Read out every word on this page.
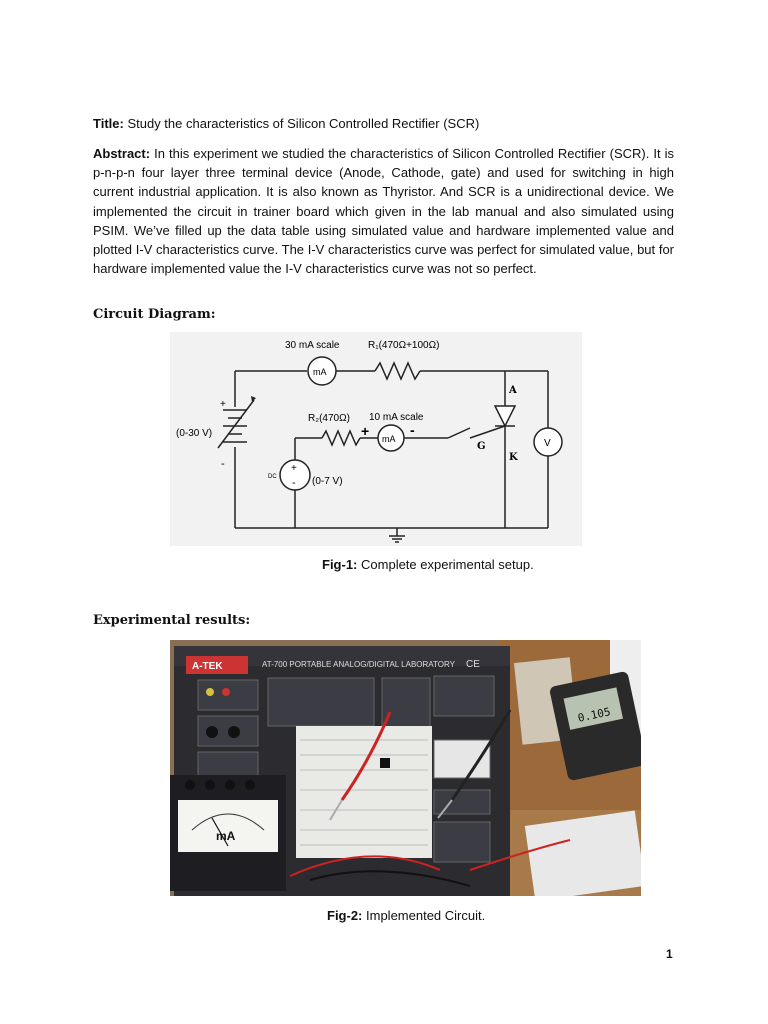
Title: Study the characteristics of Silicon Controlled Rectifier (SCR)
Abstract: In this experiment we studied the characteristics of Silicon Controlled Rectifier (SCR). It is p-n-p-n four layer three terminal device (Anode, Cathode, gate) and used for switching in high current industrial application. It is also known as Thyristor. And SCR is a unidirectional device. We implemented the circuit in trainer board which given in the lab manual and also simulated using PSIM. We’ve filled up the data table using simulated value and hardware implemented value and plotted I-V characteristics curve. The I-V characteristics curve was perfect for simulated value, but for hardware implemented value the I-V characteristics curve was not so perfect.
Circuit Diagram:
30 mA scale	R₁(470Ω+100Ω)
mA
R₂(470Ω) 10 mA scale
+	-
mA	V
A
G
K
(0-30 V)
+
-
DC
+
- (0-7 V)
Fig-1: Complete experimental setup.
Experimental results:
A-TEK	AT-700 PORTABLE ANALOG/DIGITAL LABORATORY CE
mA
0.105
Fig-2: Implemented Circuit.
1
